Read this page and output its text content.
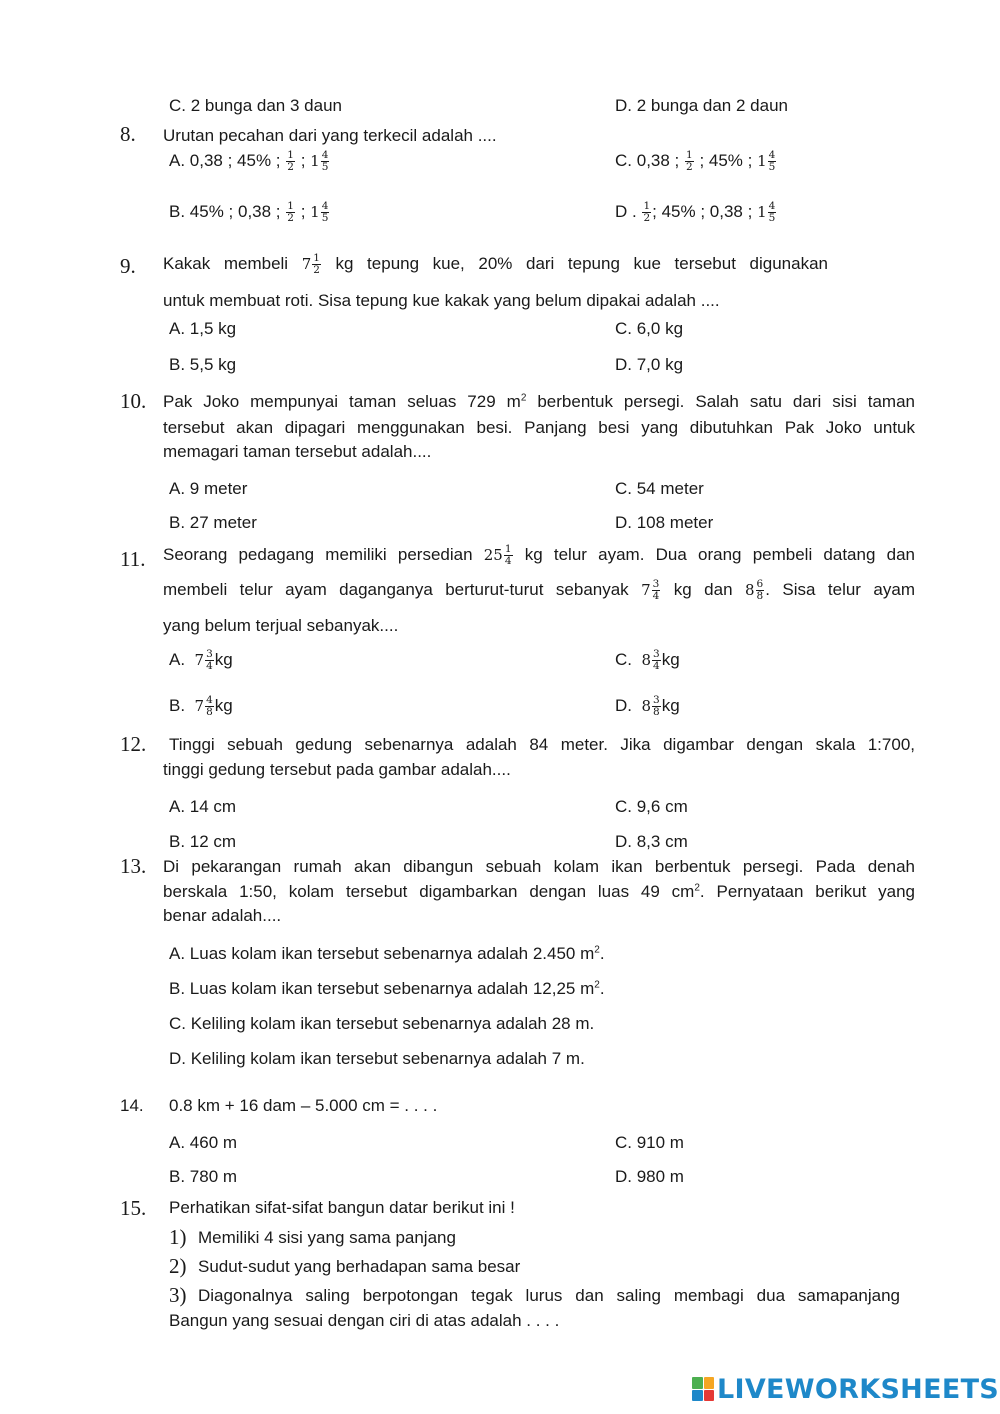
C. 2 bunga dan 3 daun	D. 2 bunga dan 2 daun
8. Urutan pecahan dari yang terkecil adalah ....
A. 0,38 ; 45% ; $\frac{1}{2}$ ; $1 \frac{4}{5}$	C. 0,38 ; $\frac{1}{2}$ ; 45% ; $1 \frac{4}{5}$
B. 45% ; 0,38 ; $\frac{1}{2}$ ; $1 \frac{4}{5}$	D . $\frac{1}{2}$ ; 45% ; 0,38 ; $1 \frac{4}{5}$
9. Kakak membeli $7 \frac{1}{2}$ kg tepung kue, 20% dari tepung kue tersebut digunakan
untuk membuat roti. Sisa tepung kue kakak yang belum dipakai adalah ....
A. 1,5 kg	C. 6,0 kg
B. 5,5 kg	D. 7,0 kg
10. Pak Joko mempunyai taman seluas 729 $m^2$ berbentuk persegi. Salah satu dari sisi taman
tersebut akan dipagari menggunakan besi. Panjang besi yang dibutuhkan Pak Joko untuk
memagari taman tersebut adalah....
A. 9 meter	C. 54 meter
B. 27 meter	D. 108 meter
11. Seorang pedagang memiliki persedian $25 \frac{1}{4}$ kg telur ayam. Dua orang pembeli datang dan
membeli telur ayam daganganya berturut-turut sebanyak $7 \frac{3}{4}$ kg dan $8 \frac{6}{8}$ . Sisa telur ayam
yang belum terjual sebanyak....
A. $7 \frac{3}{4}$ kg	C. $8 \frac{3}{4}$ kg
B. $7 \frac{4}{8}$ kg	D. $8 \frac{3}{8}$ kg
12. Tinggi sebuah gedung sebenarnya adalah 84 meter. Jika digambar dengan skala 1:700,
tinggi gedung tersebut pada gambar adalah....
A. 14 cm	C. 9,6 cm
B. 12 cm	D. 8,3 cm
13. Di pekarangan rumah akan dibangun sebuah kolam ikan berbentuk persegi. Pada denah
berskala 1:50, kolam tersebut digambarkan dengan luas 49 $cm^2$. Pernyataan berikut yang
benar adalah....
A. Luas kolam ikan tersebut sebenarnya adalah 2.450 $m^2$.
B. Luas kolam ikan tersebut sebenarnya adalah 12,25 $m^2$.
C. Keliling kolam ikan tersebut sebenarnya adalah 28 m.
D. Keliling kolam ikan tersebut sebenarnya adalah 7 m.
14. 0.8 km + 16 dam – 5.000 cm = . . . .
A. 460 m	C. 910 m
B. 780 m	D. 980 m
15. Perhatikan sifat-sifat bangun datar berikut ini !
1) Memiliki 4 sisi yang sama panjang
2) Sudut-sudut yang berhadapan sama besar
3) Diagonalnya saling berpotongan tegak lurus dan saling membagi dua samapanjang
Bangun yang sesuai dengan ciri di atas adalah . . . .
LIVEWORKSHEETS
